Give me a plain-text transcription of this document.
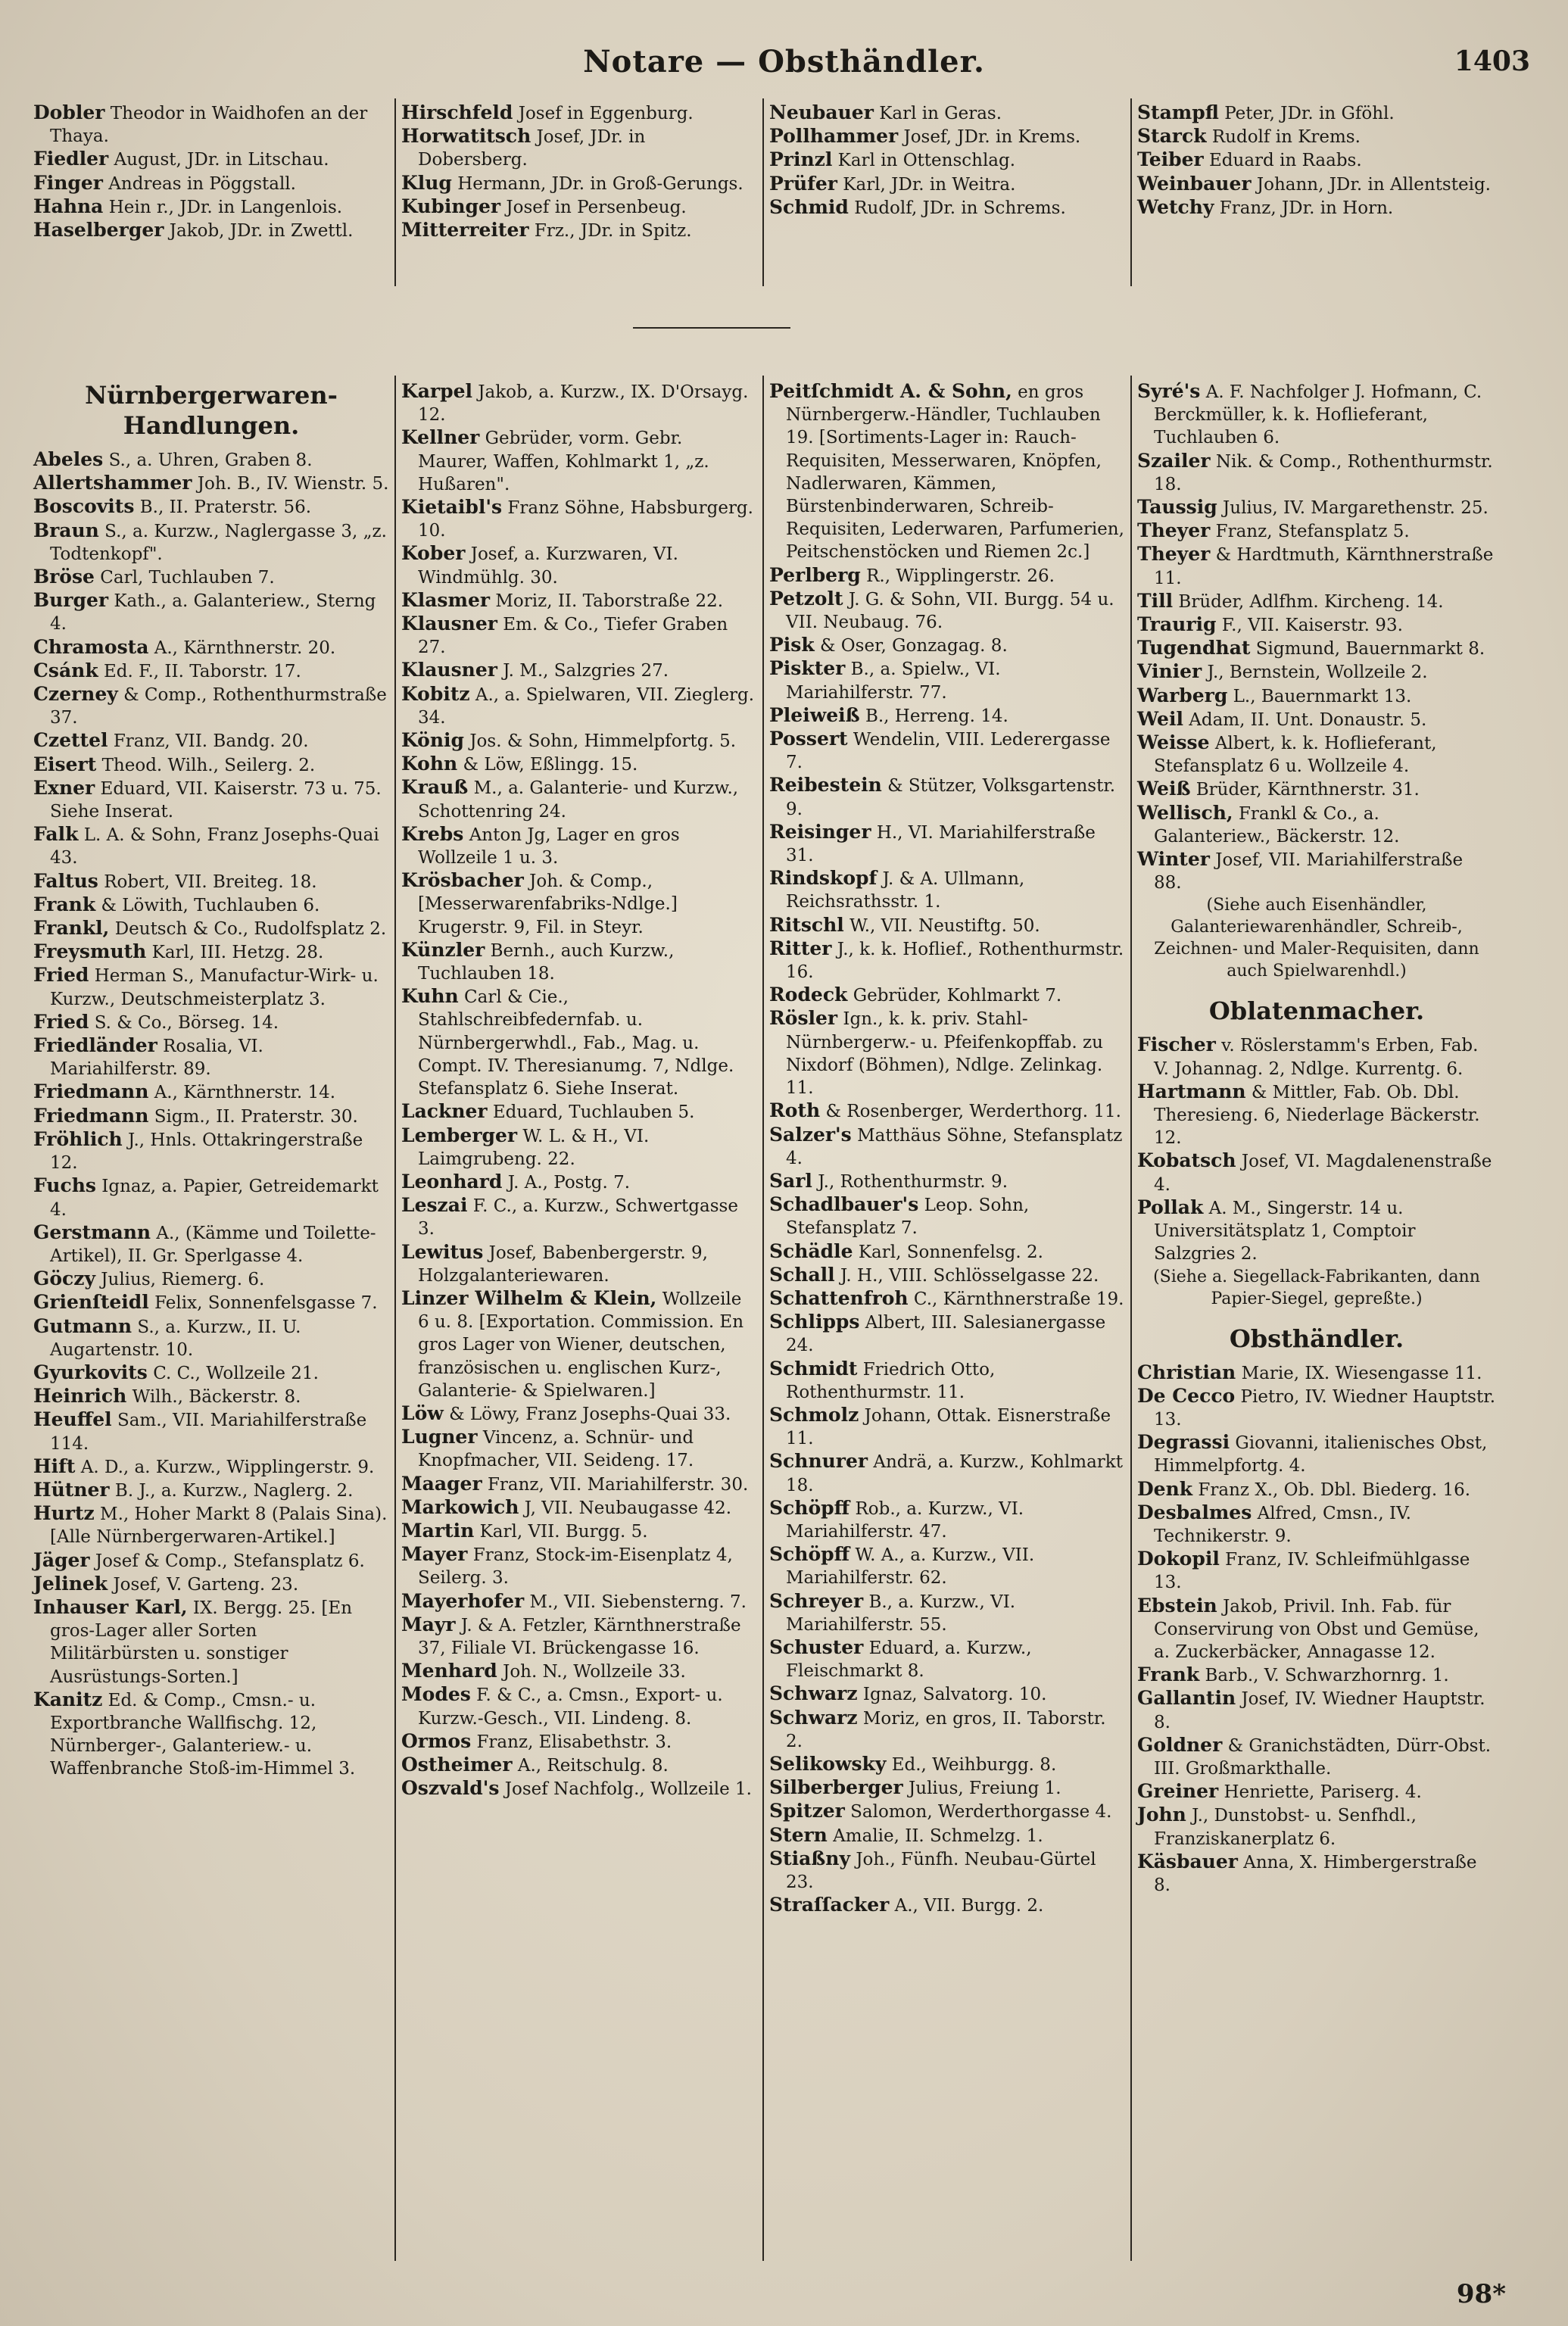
Notare — Obsthändler.	1403

Dobler Theodor in Waidhofen an der Thaya.

Fiedler August, JDr. in Litschau.

Finger Andreas in Pöggstall.

Hahna Hein r., JDr. in Langenlois.

Haselberger Jakob, JDr. in Zwettl.

Hirschfeld Josef in Eggenburg.

Horwatitsch Josef, JDr. in Dobersberg.

Klug Hermann, JDr. in Groß-Gerungs.

Kubinger Josef in Persenbeug.

Mitterreiter Frz., JDr. in Spitz.

Neubauer Karl in Geras.

Pollhammer Josef, JDr. in Krems.

Prinzl Karl in Ottenschlag.

Prüfer Karl, JDr. in Weitra.

Schmid Rudolf, JDr. in Schrems.

Stampfl Peter, JDr. in Gföhl.

Starck Rudolf in Krems.

Teiber Eduard in Raabs.

Weinbauer Johann, JDr. in Allentsteig.

Wetchy Franz, JDr. in Horn.

Nürnbergerwaren-
Handlungen.

Abeles S., a. Uhren, Graben 8.

Allertshammer Joh. B., IV. Wienstr. 5.

Boscovits B., II. Praterstr. 56.

Braun S., a. Kurzw., Naglergasse 3, „z. Todtenkopf".

Bröse Carl, Tuchlauben 7.

Burger Kath., a. Galanteriew., Sterng 4.

Chramosta A., Kärnthnerstr. 20.

Csánk Ed. F., II. Taborstr. 17.

Czerney & Comp., Rothenthurmstraße 37.

Czettel Franz, VII. Bandg. 20.

Eisert Theod. Wilh., Seilerg. 2.

Exner Eduard, VII. Kaiserstr. 73 u. 75. Siehe Inserat.

Falk L. A. & Sohn, Franz Josephs-Quai 43.

Faltus Robert, VII. Breiteg. 18.

Frank & Löwith, Tuchlauben 6.

Frankl, Deutsch & Co., Rudolfsplatz 2.

Freysmuth Karl, III. Hetzg. 28.

Fried Herman S., Manufactur-Wirk- u. Kurzw., Deutschmeisterplatz 3.

Fried S. & Co., Börseg. 14.

Friedländer Rosalia, VI. Mariahilferstr. 89.

Friedmann A., Kärnthnerstr. 14.

Friedmann Sigm., II. Praterstr. 30.

Fröhlich J., Hnls. Ottakringerstraße 12.

Fuchs Ignaz, a. Papier, Getreidemarkt 4.

Gerstmann A., (Kämme und Toilette-Artikel), II. Gr. Sperlgasse 4.

Göczy Julius, Riemerg. 6.

Grienſteidl Felix, Sonnenfelsgasse 7.

Gutmann S., a. Kurzw., II. U. Augartenstr. 10.

Gyurkovits C. C., Wollzeile 21.

Heinrich Wilh., Bäckerstr. 8.

Heuffel Sam., VII. Mariahilferstraße 114.

Hift A. D., a. Kurzw., Wipplingerstr. 9.

Hütner B. J., a. Kurzw., Naglerg. 2.

Hurtz M., Hoher Markt 8 (Palais Sina). [Alle Nürnbergerwaren-Artikel.]

Jäger Josef & Comp., Stefansplatz 6.

Jelinek Josef, V. Garteng. 23.

Inhauser Karl, IX. Bergg. 25. [En gros-Lager aller Sorten Militärbürsten u. sonstiger Ausrüstungs-Sorten.]

Kanitz Ed. & Comp., Cmsn.- u. Exportbranche Wallfischg. 12, Nürnberger-, Galanteriew.- u. Waffenbranche Stoß-im-Himmel 3.

Karpel Jakob, a. Kurzw., IX. D'Orsayg. 12.

Kellner Gebrüder, vorm. Gebr. Maurer, Waffen, Kohlmarkt 1, „z. Hußaren".

Kietaibl's Franz Söhne, Habsburgerg. 10.

Kober Josef, a. Kurzwaren, VI. Windmühlg. 30.

Klasmer Moriz, II. Taborstraße 22.

Klausner Em. & Co., Tiefer Graben 27.

Klausner J. M., Salzgries 27.

Kobitz A., a. Spielwaren, VII. Zieglerg. 34.

König Jos. & Sohn, Himmelpfortg. 5.

Kohn & Löw, Eßlingg. 15.

Krauß M., a. Galanterie- und Kurzw., Schottenring 24.

Krebs Anton Jg, Lager en gros Wollzeile 1 u. 3.

Krösbacher Joh. & Comp., [Messerwarenfabriks-Ndlge.] Krugerstr. 9, Fil. in Steyr.

Künzler Bernh., auch Kurzw., Tuchlauben 18.

Kuhn Carl & Cie., Stahlschreibfedernfab. u. Nürnbergerwhdl., Fab., Mag. u. Compt. IV. Theresianumg. 7, Ndlge. Stefansplatz 6. Siehe Inserat.

Lackner Eduard, Tuchlauben 5.

Lemberger W. L. & H., VI. Laimgrubeng. 22.

Leonhard J. A., Postg. 7.

Leszai F. C., a. Kurzw., Schwertgasse 3.

Lewitus Josef, Babenbergerstr. 9, Holzgalanteriewaren.

Linzer Wilhelm & Klein, Wollzeile 6 u. 8. [Exportation. Commission. En gros Lager von Wiener, deutschen, französischen u. englischen Kurz-, Galanterie- & Spielwaren.]

Löw & Löwy, Franz Josephs-Quai 33.

Lugner Vincenz, a. Schnür- und Knopfmacher, VII. Seideng. 17.

Maager Franz, VII. Mariahilferstr. 30.

Markowich J, VII. Neubaugasse 42.

Martin Karl, VII. Burgg. 5.

Mayer Franz, Stock-im-Eisenplatz 4, Seilerg. 3.

Mayerhofer M., VII. Siebensterng. 7.

Mayr J. & A. Fetzler, Kärnthnerstraße 37, Filiale VI. Brückengasse 16.

Menhard Joh. N., Wollzeile 33.

Modes F. & C., a. Cmsn., Export- u. Kurzw.-Gesch., VII. Lindeng. 8.

Ormos Franz, Elisabethstr. 3.

Ostheimer A., Reitschulg. 8.

Oszvald's Josef Nachfolg., Wollzeile 1.

Peitſchmidt A. & Sohn, en gros Nürnbergerw.-Händler, Tuchlauben 19. [Sortiments-Lager in: Rauch-Requisiten, Messerwaren, Knöpfen, Nadlerwaren, Kämmen, Bürstenbinderwaren, Schreib-Requisiten, Lederwaren, Parfumerien, Peitschenstöcken und Riemen 2c.]

Perlberg R., Wipplingerstr. 26.

Petzolt J. G. & Sohn, VII. Burgg. 54 u. VII. Neubaug. 76.

Pisk & Oser, Gonzagag. 8.

Piskter B., a. Spielw., VI. Mariahilferstr. 77.

Pleiweiß B., Herreng. 14.

Possert Wendelin, VIII. Lederergasse 7.

Reibestein & Stützer, Volksgartenstr. 9.

Reisinger H., VI. Mariahilferstraße 31.

Rindskopf J. & A. Ullmann, Reichsrathsstr. 1.

Ritschl W., VII. Neustiftg. 50.

Ritter J., k. k. Hoflief., Rothenthurmstr. 16.

Rodeck Gebrüder, Kohlmarkt 7.

Rösler Ign., k. k. priv. Stahl-Nürnbergerw.- u. Pfeifenkopffab. zu Nixdorf (Böhmen), Ndlge. Zelinkag. 11.

Roth & Rosenberger, Werderthorg. 11.

Salzer's Matthäus Söhne, Stefansplatz 4.

Sarl J., Rothenthurmstr. 9.

Schadlbauer's Leop. Sohn, Stefansplatz 7.

Schädle Karl, Sonnenfelsg. 2.

Schall J. H., VIII. Schlösselgasse 22.

Schattenfroh C., Kärnthnerstraße 19.

Schlipps Albert, III. Salesianergasse 24.

Schmidt Friedrich Otto, Rothenthurmstr. 11.

Schmolz Johann, Ottak. Eisnerstraße 11.

Schnurer Andrä, a. Kurzw., Kohlmarkt 18.

Schöpff Rob., a. Kurzw., VI. Mariahilferstr. 47.

Schöpff W. A., a. Kurzw., VII. Mariahilferstr. 62.

Schreyer B., a. Kurzw., VI. Mariahilferstr. 55.

Schuster Eduard, a. Kurzw., Fleischmarkt 8.

Schwarz Ignaz, Salvatorg. 10.

Schwarz Moriz, en gros, II. Taborstr. 2.

Selikowsky Ed., Weihburgg. 8.

Silberberger Julius, Freiung 1.

Spitzer Salomon, Werderthorgasse 4.

Stern Amalie, II. Schmelzg. 1.

Stiaßny Joh., Fünfh. Neubau-Gürtel 23.

Straſſacker A., VII. Burgg. 2.

Syré's A. F. Nachfolger J. Hofmann, C. Berckmüller, k. k. Hoflieferant, Tuchlauben 6.

Szailer Nik. & Comp., Rothenthurmstr. 18.

Taussig Julius, IV. Margarethenstr. 25.

Theyer Franz, Stefansplatz 5.

Theyer & Hardtmuth, Kärnthnerstraße 11.

Till Brüder, Adlfhm. Kircheng. 14.

Traurig F., VII. Kaiserstr. 93.

Tugendhat Sigmund, Bauernmarkt 8.

Vinier J., Bernstein, Wollzeile 2.

Warberg L., Bauernmarkt 13.

Weil Adam, II. Unt. Donaustr. 5.

Weisse Albert, k. k. Hoflieferant, Stefansplatz 6 u. Wollzeile 4.

Weiß Brüder, Kärnthnerstr. 31.

Wellisch, Frankl & Co., a. Galanteriew., Bäckerstr. 12.

Winter Josef, VII. Mariahilferstraße 88.

(Siehe auch Eisenhändler, Galanteriewarenhändler, Schreib-, Zeichnen- und Maler-Requisiten, dann auch Spielwarenhdl.)
Oblatenmacher.

Fischer v. Röslerstamm's Erben, Fab. V. Johannag. 2, Ndlge. Kurrentg. 6.

Hartmann & Mittler, Fab. Ob. Dbl. Theresieng. 6, Niederlage Bäckerstr. 12.

Kobatsch Josef, VI. Magdalenenstraße 4.

Pollak A. M., Singerstr. 14 u. Universitätsplatz 1, Comptoir Salzgries 2.

(Siehe a. Siegellack-Fabrikanten, dann Papier-Siegel, gepreßte.)
Obsthändler.

Christian Marie, IX. Wiesengasse 11.

De Cecco Pietro, IV. Wiedner Hauptstr. 13.

Degrassi Giovanni, italienisches Obst, Himmelpfortg. 4.

Denk Franz X., Ob. Dbl. Biederg. 16.

Desbalmes Alfred, Cmsn., IV. Technikerstr. 9.

Dokopil Franz, IV. Schleifmühlgasse 13.

Ebstein Jakob, Privil. Inh. Fab. für Conservirung von Obst und Gemüse, a. Zuckerbäcker, Annagasse 12.

Frank Barb., V. Schwarzhornrg. 1.

Gallantin Josef, IV. Wiedner Hauptstr. 8.

Goldner & Granichstädten, Dürr-Obst. III. Großmarkthalle.

Greiner Henriette, Pariserg. 4.

John J., Dunstobst- u. Senfhdl., Franziskanerplatz 6.

Käsbauer Anna, X. Himbergerstraße 8.

98*
